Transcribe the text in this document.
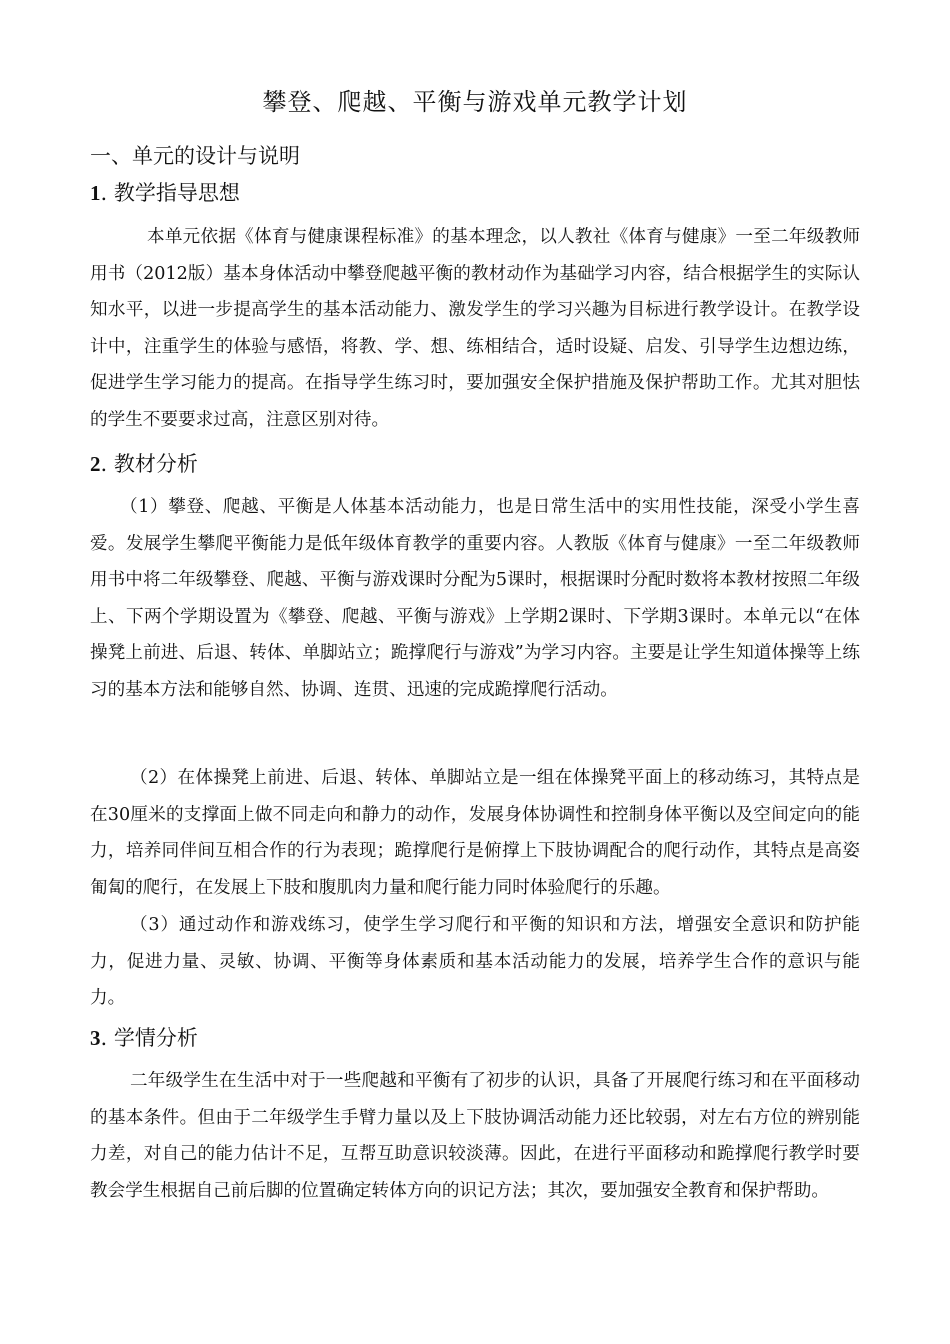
攀登、爬越、平衡与游戏单元教学计划
一、单元的设计与说明
1. 教学指导思想
本单元依据《体育与健康课程标准》的基本理念，以人教社《体育与健康》一至二年级教师用书（2012版）基本身体活动中攀登爬越平衡的教材动作为基础学习内容，结合根据学生的实际认知水平，以进一步提高学生的基本活动能力、激发学生的学习兴趣为目标进行教学设计。在教学设计中，注重学生的体验与感悟，将教、学、想、练相结合，适时设疑、启发、引导学生边想边练，促进学生学习能力的提高。在指导学生练习时，要加强安全保护措施及保护帮助工作。尤其对胆怯的学生不要要求过高，注意区别对待。
2. 教材分析
（1）攀登、爬越、平衡是人体基本活动能力，也是日常生活中的实用性技能，深受小学生喜爱。发展学生攀爬平衡能力是低年级体育教学的重要内容。人教版《体育与健康》一至二年级教师用书中将二年级攀登、爬越、平衡与游戏课时分配为5课时，根据课时分配时数将本教材按照二年级上、下两个学期设置为《攀登、爬越、平衡与游戏》上学期2课时、下学期3课时。本单元以“在体操凳上前进、后退、转体、单脚站立；跪撑爬行与游戏”为学习内容。主要是让学生知道体操等上练习的基本方法和能够自然、协调、连贯、迅速的完成跪撑爬行活动。
（2）在体操凳上前进、后退、转体、单脚站立是一组在体操凳平面上的移动练习，其特点是在30厘米的支撑面上做不同走向和静力的动作，发展身体协调性和控制身体平衡以及空间定向的能力，培养同伴间互相合作的行为表现；跪撑爬行是俯撑上下肢协调配合的爬行动作，其特点是高姿匍匐的爬行，在发展上下肢和腹肌肉力量和爬行能力同时体验爬行的乐趣。
（3）通过动作和游戏练习，使学生学习爬行和平衡的知识和方法，增强安全意识和防护能力，促进力量、灵敏、协调、平衡等身体素质和基本活动能力的发展，培养学生合作的意识与能力。
3. 学情分析
二年级学生在生活中对于一些爬越和平衡有了初步的认识，具备了开展爬行练习和在平面移动的基本条件。但由于二年级学生手臂力量以及上下肢协调活动能力还比较弱，对左右方位的辨别能力差，对自己的能力估计不足，互帮互助意识较淡薄。因此，在进行平面移动和跪撑爬行教学时要教会学生根据自己前后脚的位置确定转体方向的识记方法；其次，要加强安全教育和保护帮助。
